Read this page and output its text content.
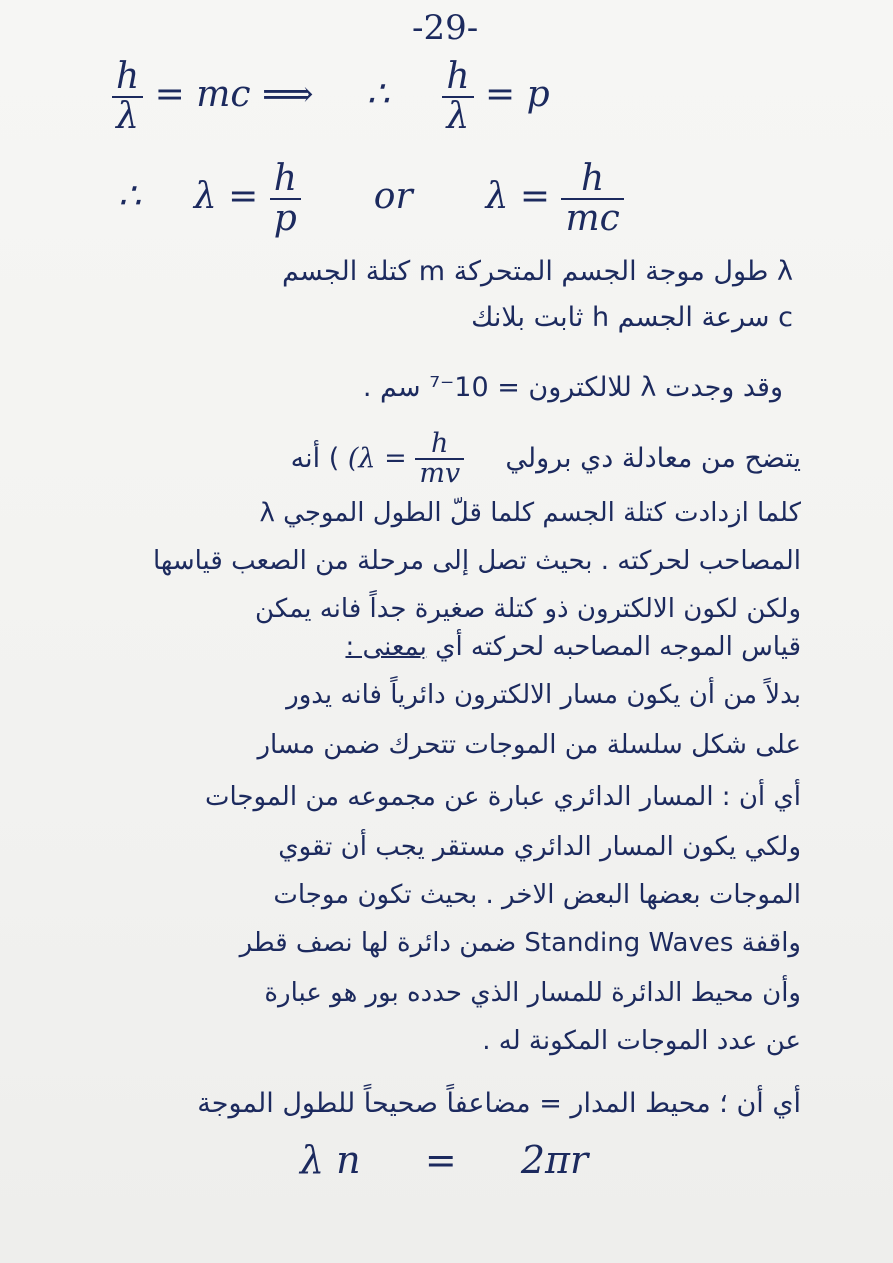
-29-
$\frac{h}{\lambda}$ = mc ⟹ ∴ $\frac{h}{\lambda} = p$
∴ $\lambda = \frac{h}{p}$ or $\lambda = \frac{h}{mc}$
λ طول موجة الجسم المتحركة m كتلة الجسم
c سرعة الجسم h ثابت بلانك
وقد وجدت λ للالكترون = 10⁻⁷ سم .
يتضح من معادلة دي برولي  ($\lambda = \frac{h}{mv}$
) أنه
كلما ازدادت كتلة الجسم كلما قلّ الطول الموجي λ
المصاحب لحركته . بحيث تصل إلى مرحلة من الصعب قياسها
ولكن لكون الالكترون ذو كتلة صغيرة جداً فانه يمكن
قياس الموجه المصاحبه لحركته أي بمعنى :
بدلاً من أن يكون مسار الالكترون دائرياً فانه يدور
على شكل سلسلة من الموجات تتحرك ضمن مسار
أي أن : المسار الدائري عبارة عن مجموعه من الموجات
ولكي يكون المسار الدائري مستقر يجب أن تقوي
الموجات بعضها البعض الاخر . بحيث تكون موجات
واقفة Standing Waves ضمن دائرة لها نصف قطر
وأن محيط الدائرة للمسار الذي حدده بور هو عبارة
عن عدد الموجات المكونة له .
أي أن ؛ محيط المدار = مضاعفاً صحيحاً للطول الموجة
λ n = 2πr
